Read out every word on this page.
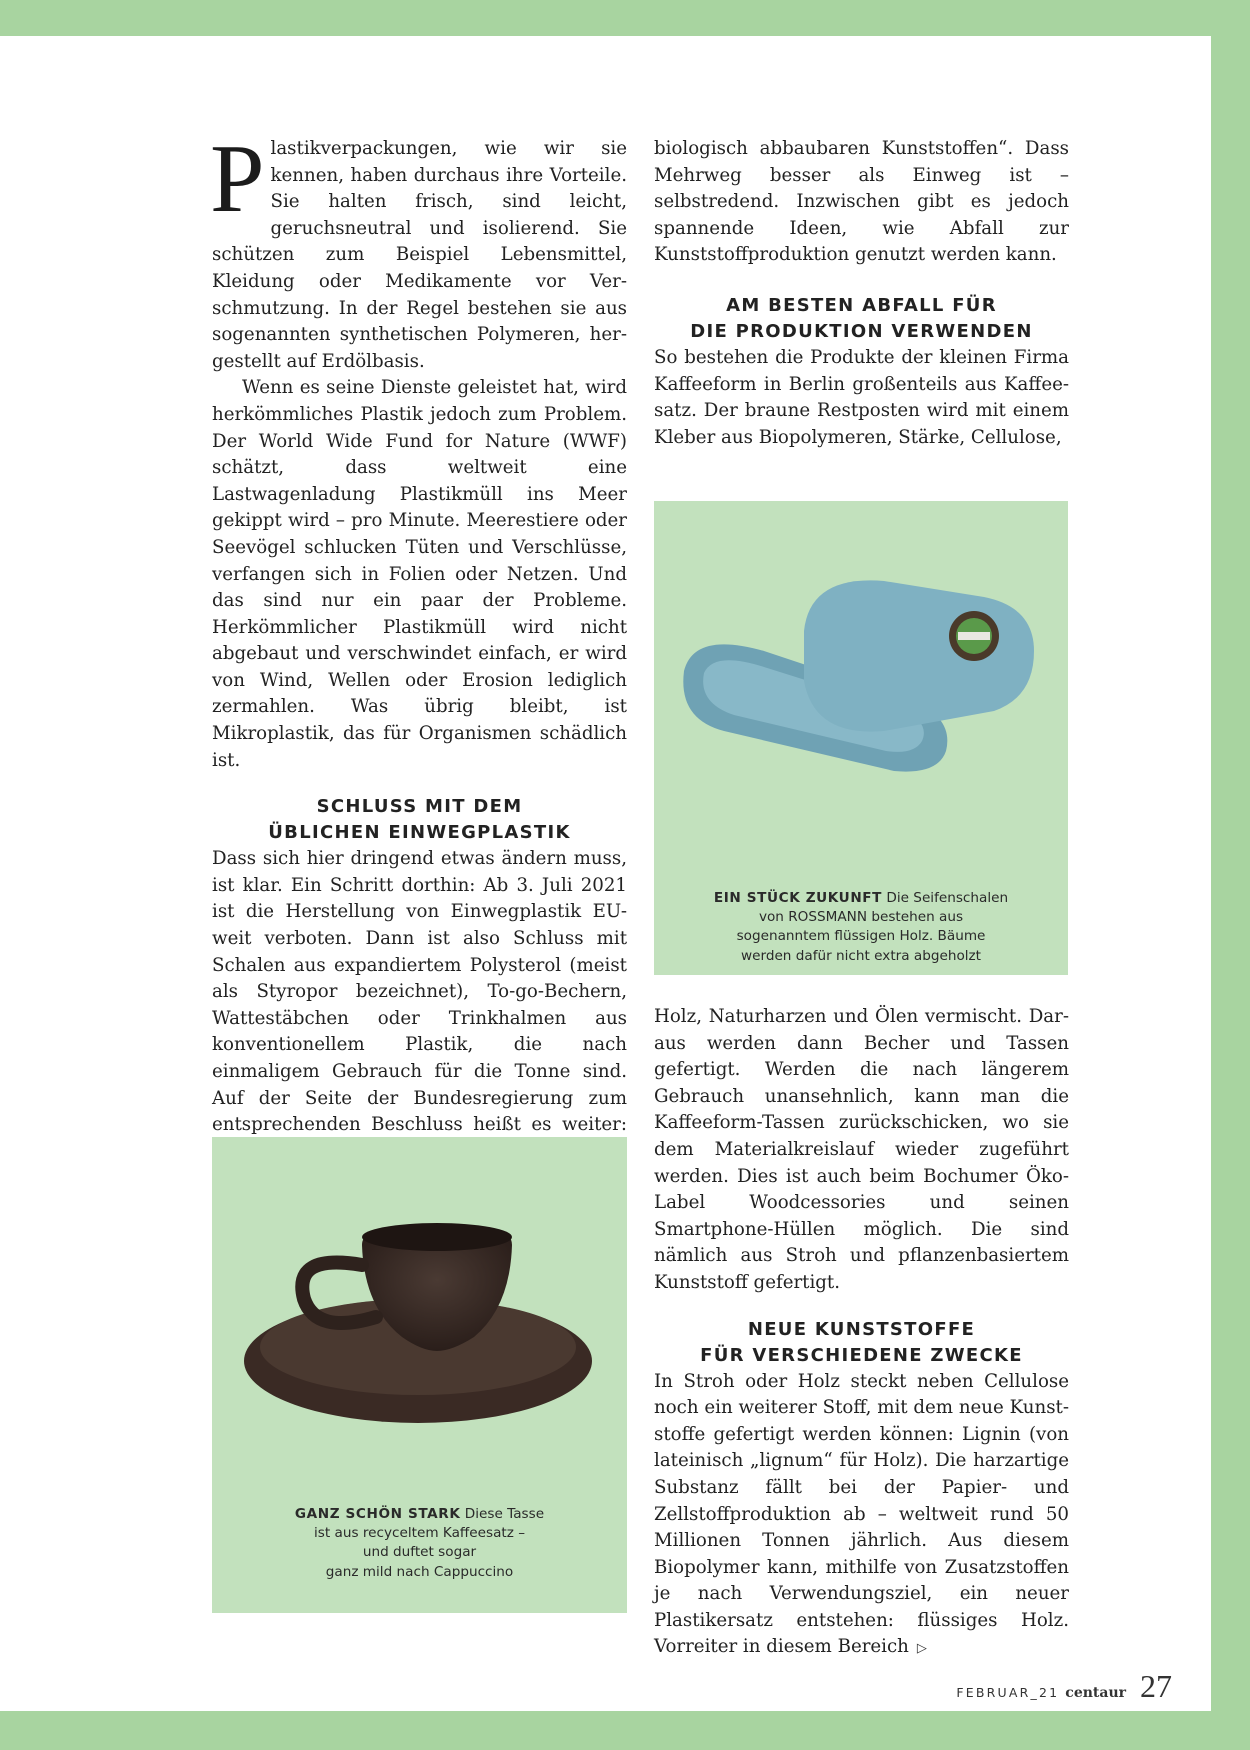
Plastikverpackungen, wie wir sie kennen, haben durchaus ihre Vorteile. Sie halten frisch, sind leicht, geruchsneutral und isolierend. Sie schützen zum Beispiel Lebensmittel, Kleidung oder Medikamente vor Verschmutzung. In der Regel bestehen sie aus sogenannten synthetischen Polymeren, hergestellt auf Erdölbasis.

Wenn es seine Dienste geleistet hat, wird herkömmliches Plastik jedoch zum Problem. Der World Wide Fund for Nature (WWF) schätzt, dass weltweit eine Lastwagenladung Plastikmüll ins Meer gekippt wird – pro Minute. Meerestiere oder Seevögel schlucken Tüten und Verschlüsse, verfangen sich in Folien oder Netzen. Und das sind nur ein paar der Probleme. Herkömmlicher Plastikmüll wird nicht abgebaut und verschwindet einfach, er wird von Wind, Wellen oder Erosion lediglich zermahlen. Was übrig bleibt, ist Mikroplastik, das für Organismen schädlich ist.

SCHLUSS MIT DEM
ÜBLICHEN EINWEGPLASTIK

Dass sich hier dringend etwas ändern muss, ist klar. Ein Schritt dorthin: Ab 3. Juli 2021 ist die Herstellung von Einwegplastik EU-weit verboten. Dann ist also Schluss mit Schalen aus expandiertem Polysterol (meist als Styropor bezeichnet), To-go-Bechern, Wattestäbchen oder Trinkhalmen aus konventionellem Plastik, die nach einmaligem Gebrauch für die Tonne sind. Auf der Seite der Bundesregierung zum entsprechenden Beschluss heißt es weiter:

GANZ SCHÖN STARK Diese Tasse
ist aus recyceltem Kaffeesatz –
und duftet sogar
ganz mild nach Cappuccino

biologisch abbaubaren Kunststoffen“. Dass Mehrweg besser als Einweg ist – selbstredend. Inzwischen gibt es jedoch spannende Ideen, wie Abfall zur Kunststoffproduktion genutzt werden kann.

AM BESTEN ABFALL FÜR
DIE PRODUKTION VERWENDEN

So bestehen die Produkte der kleinen Firma Kaffeeform in Berlin großenteils aus Kaffeesatz. Der braune Restposten wird mit einem Kleber aus Biopolymeren, Stärke, Cellulose,

EIN STÜCK ZUKUNFT Die Seifenschalen
von ROSSMANN bestehen aus
sogenanntem flüssigen Holz. Bäume
werden dafür nicht extra abgeholzt

Holz, Naturharzen und Ölen vermischt. Daraus werden dann Becher und Tassen gefertigt. Werden die nach längerem Gebrauch unansehnlich, kann man die Kaffeeform-Tassen zurückschicken, wo sie dem Materialkreislauf wieder zugeführt werden. Dies ist auch beim Bochumer Öko-Label Woodcessories und seinen Smartphone-Hüllen möglich. Die sind nämlich aus Stroh und pflanzenbasiertem Kunststoff gefertigt.

NEUE KUNSTSTOFFE
FÜR VERSCHIEDENE ZWECKE

In Stroh oder Holz steckt neben Cellulose noch ein weiterer Stoff, mit dem neue Kunststoffe gefertigt werden können: Lignin (von lateinisch „lignum“ für Holz). Die harzartige Substanz fällt bei der Papier- und Zellstoffproduktion ab – weltweit rund 50 Millionen Tonnen jährlich. Aus diesem Biopolymer kann, mithilfe von Zusatzstoffen je nach Verwendungsziel, ein neuer Plastikersatz entstehen: flüssiges Holz. Vorreiter in diesem Bereich ▷

FEBRUAR_21 centaur 27
